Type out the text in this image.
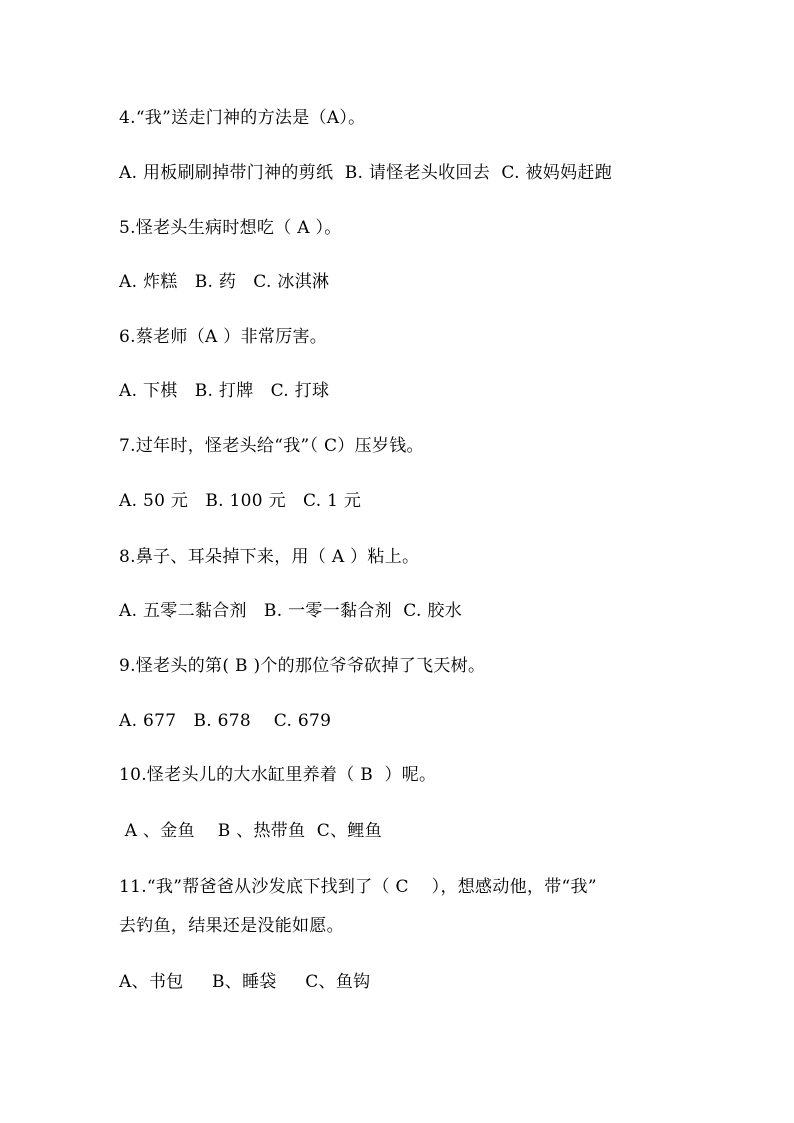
4.“我”送走门神的方法是（A）。
A. 用板刷刷掉带门神的剪纸  B. 请怪老头收回去  C. 被妈妈赶跑
5.怪老头生病时想吃（ A ）。
A. 炸糕   B. 药   C. 冰淇淋
6.蔡老师（A ）非常厉害。
A. 下棋   B. 打牌   C. 打球
7.过年时，怪老头给“我”（ C）压岁钱。
A. 50 元   B. 100 元   C. 1 元
8.鼻子、耳朵掉下来，用（ A ）粘上。
A. 五零二黏合剂   B. 一零一黏合剂  C. 胶水
9.怪老头的第( B )个的那位爷爷砍掉了飞天树。
A. 677   B. 678    C. 679
10.怪老头儿的大水缸里养着（ B  ）呢。
A 、金鱼    B 、热带鱼  C、鲤鱼
11.“我”帮爸爸从沙发底下找到了（ C    ），想感动他，带“我”
去钓鱼，结果还是没能如愿。
A、书包     B、睡袋     C、鱼钩
